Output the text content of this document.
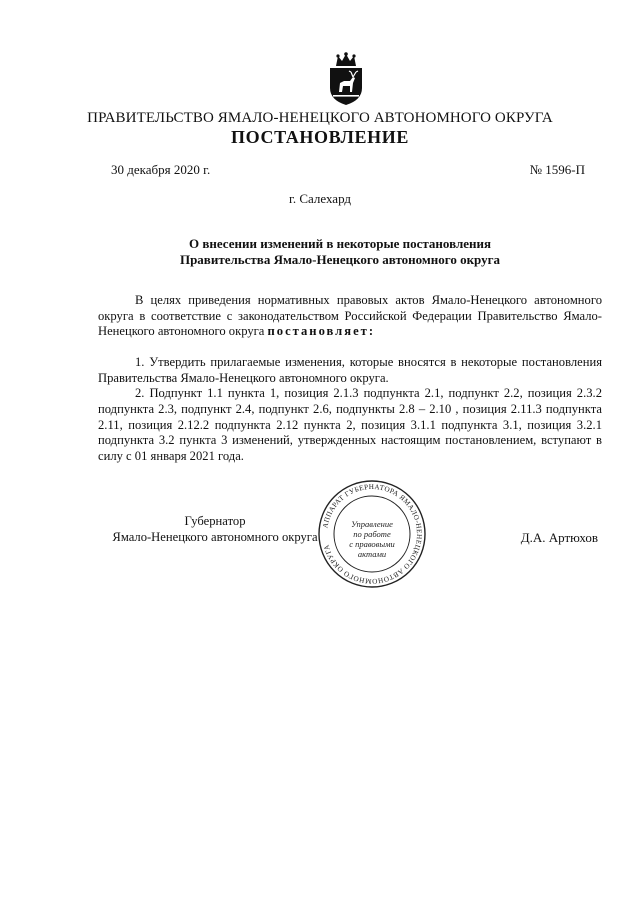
ПРАВИТЕЛЬСТВО ЯМАЛО-НЕНЕЦКОГО АВТОНОМНОГО ОКРУГА
ПОСТАНОВЛЕНИЕ
30 декабря 2020 г.	№ 1596-П
г. Салехард
О внесении изменений в некоторые постановления
Правительства Ямало-Ненецкого автономного округа

В целях приведения нормативных правовых актов Ямало-Ненецкого автономного округа в соответствие с законодательством Российской Федерации Правительство Ямало-Ненецкого автономного округа постановляет:

1. Утвердить прилагаемые изменения, которые вносятся в некоторые постановления Правительства Ямало-Ненецкого автономного округа.

2. Подпункт 1.1 пункта 1, позиция 2.1.3 подпункта 2.1, подпункт 2.2, позиция 2.3.2 подпункта 2.3, подпункт 2.4, подпункт 2.6, подпункты 2.8 – 2.10 , позиция 2.11.3 подпункта 2.11, позиция 2.12.2 подпункта 2.12 пункта 2, позиция 3.1.1 подпункта 3.1, позиция 3.2.1 подпункта 3.2 пункта 3 изменений, утвержденных настоящим постановлением, вступают в силу с 01 января 2021 года.

Губернатор
Ямало-Ненецкого автономного округа	Д.А. Артюхов
АППАРАТ ГУБЕРНАТОРА ЯМАЛО-НЕНЕЦКОГО АВТОНОМНОГО ОКРУГА
Управление
по работе
с правовыми
актами
